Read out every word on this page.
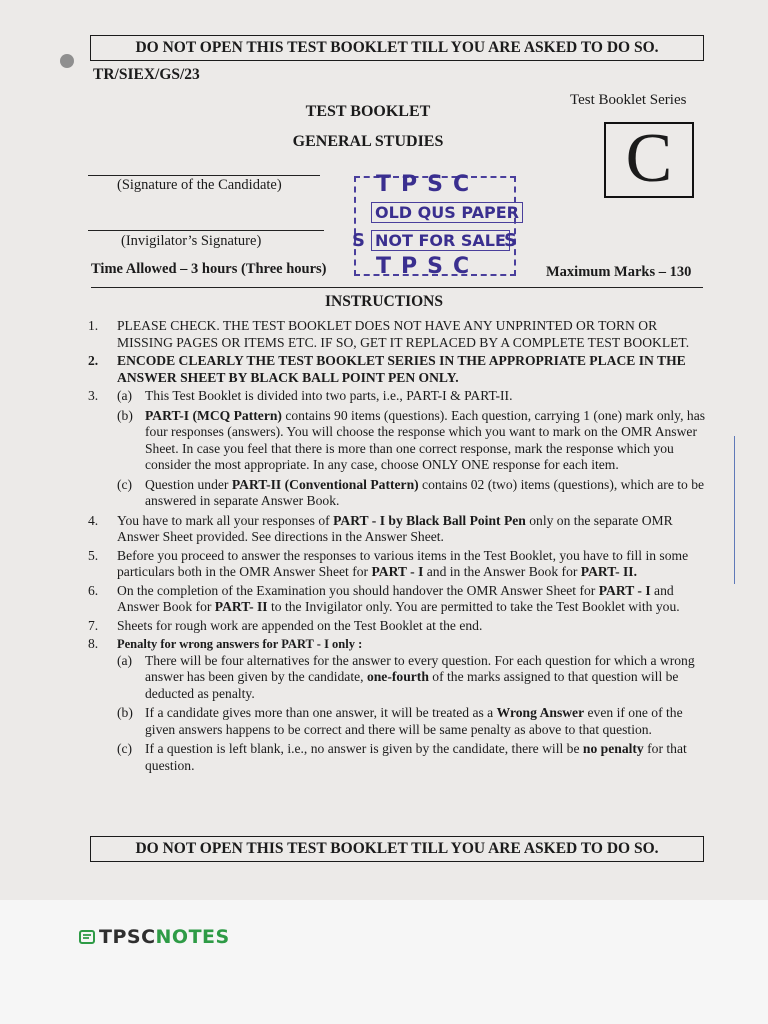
DO NOT OPEN THIS TEST BOOKLET TILL YOU ARE ASKED TO DO SO.
TR/SIEX/GS/23
Test Booklet Series
C
TEST BOOKLET
GENERAL STUDIES
(Signature of the Candidate)
(Invigilator’s Signature)
TPSC
OLD QUS PAPER
NOT FOR SALE
S	S
TPSC
Time Allowed – 3 hours (Three hours)	Maximum Marks – 130
INSTRUCTIONS
1. PLEASE CHECK. THE TEST BOOKLET DOES NOT HAVE ANY UNPRINTED OR TORN OR MISSING PAGES OR ITEMS ETC. IF SO, GET IT REPLACED BY A COMPLETE TEST BOOKLET.
2. ENCODE CLEARLY THE TEST BOOKLET SERIES IN THE APPROPRIATE PLACE IN THE ANSWER SHEET BY BLACK BALL POINT PEN ONLY.
3. (a) This Test Booklet is divided into two parts, i.e., PART-I & PART-II.
(b) PART-I (MCQ Pattern) contains 90 items (questions). Each question, carrying 1 (one) mark only, has four responses (answers). You will choose the response which you want to mark on the OMR Answer Sheet. In case you feel that there is more than one correct response, mark the response which you consider the most appropriate. In any case, choose ONLY ONE response for each item.
(c) Question under PART-II (Conventional Pattern) contains 02 (two) items (questions), which are to be answered in separate Answer Book.
4. You have to mark all your responses of PART - I by Black Ball Point Pen only on the separate OMR Answer Sheet provided. See directions in the Answer Sheet.
5. Before you proceed to answer the responses to various items in the Test Booklet, you have to fill in some particulars both in the OMR Answer Sheet for PART - I and in the Answer Book for PART- II.
6. On the completion of the Examination you should handover the OMR Answer Sheet for PART - I and Answer Book for PART- II to the Invigilator only. You are permitted to take the Test Booklet with you.
7. Sheets for rough work are appended on the Test Booklet at the end.
8. Penalty for wrong answers for PART - I only :
(a) There will be four alternatives for the answer to every question. For each question for which a wrong answer has been given by the candidate, one-fourth of the marks assigned to that question will be deducted as penalty.
(b) If a candidate gives more than one answer, it will be treated as a Wrong Answer even if one of the given answers happens to be correct and there will be same penalty as above to that question.
(c) If a question is left blank, i.e., no answer is given by the candidate, there will be no penalty for that question.
DO NOT OPEN THIS TEST BOOKLET TILL YOU ARE ASKED TO DO SO.
TPSCNOTES
